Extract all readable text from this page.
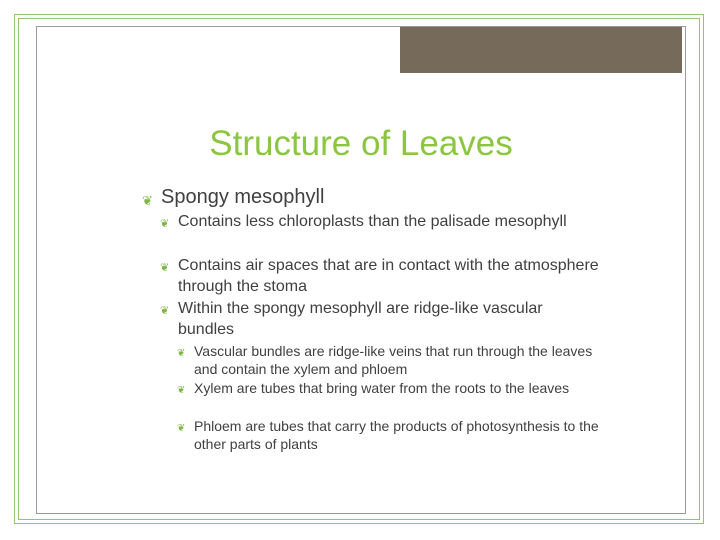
Structure of Leaves
❦ Spongy mesophyll
❦ Contains less chloroplasts than the palisade mesophyll
❦ Contains air spaces that are in contact with the atmosphere through the stoma
❦ Within the spongy mesophyll are ridge-like vascular bundles
❦ Vascular bundles are ridge-like veins that run through the leaves and contain the xylem and phloem
❦ Xylem are tubes that bring water from the roots to the leaves
❦ Phloem are tubes that carry the products of photosynthesis to the other parts of plants
